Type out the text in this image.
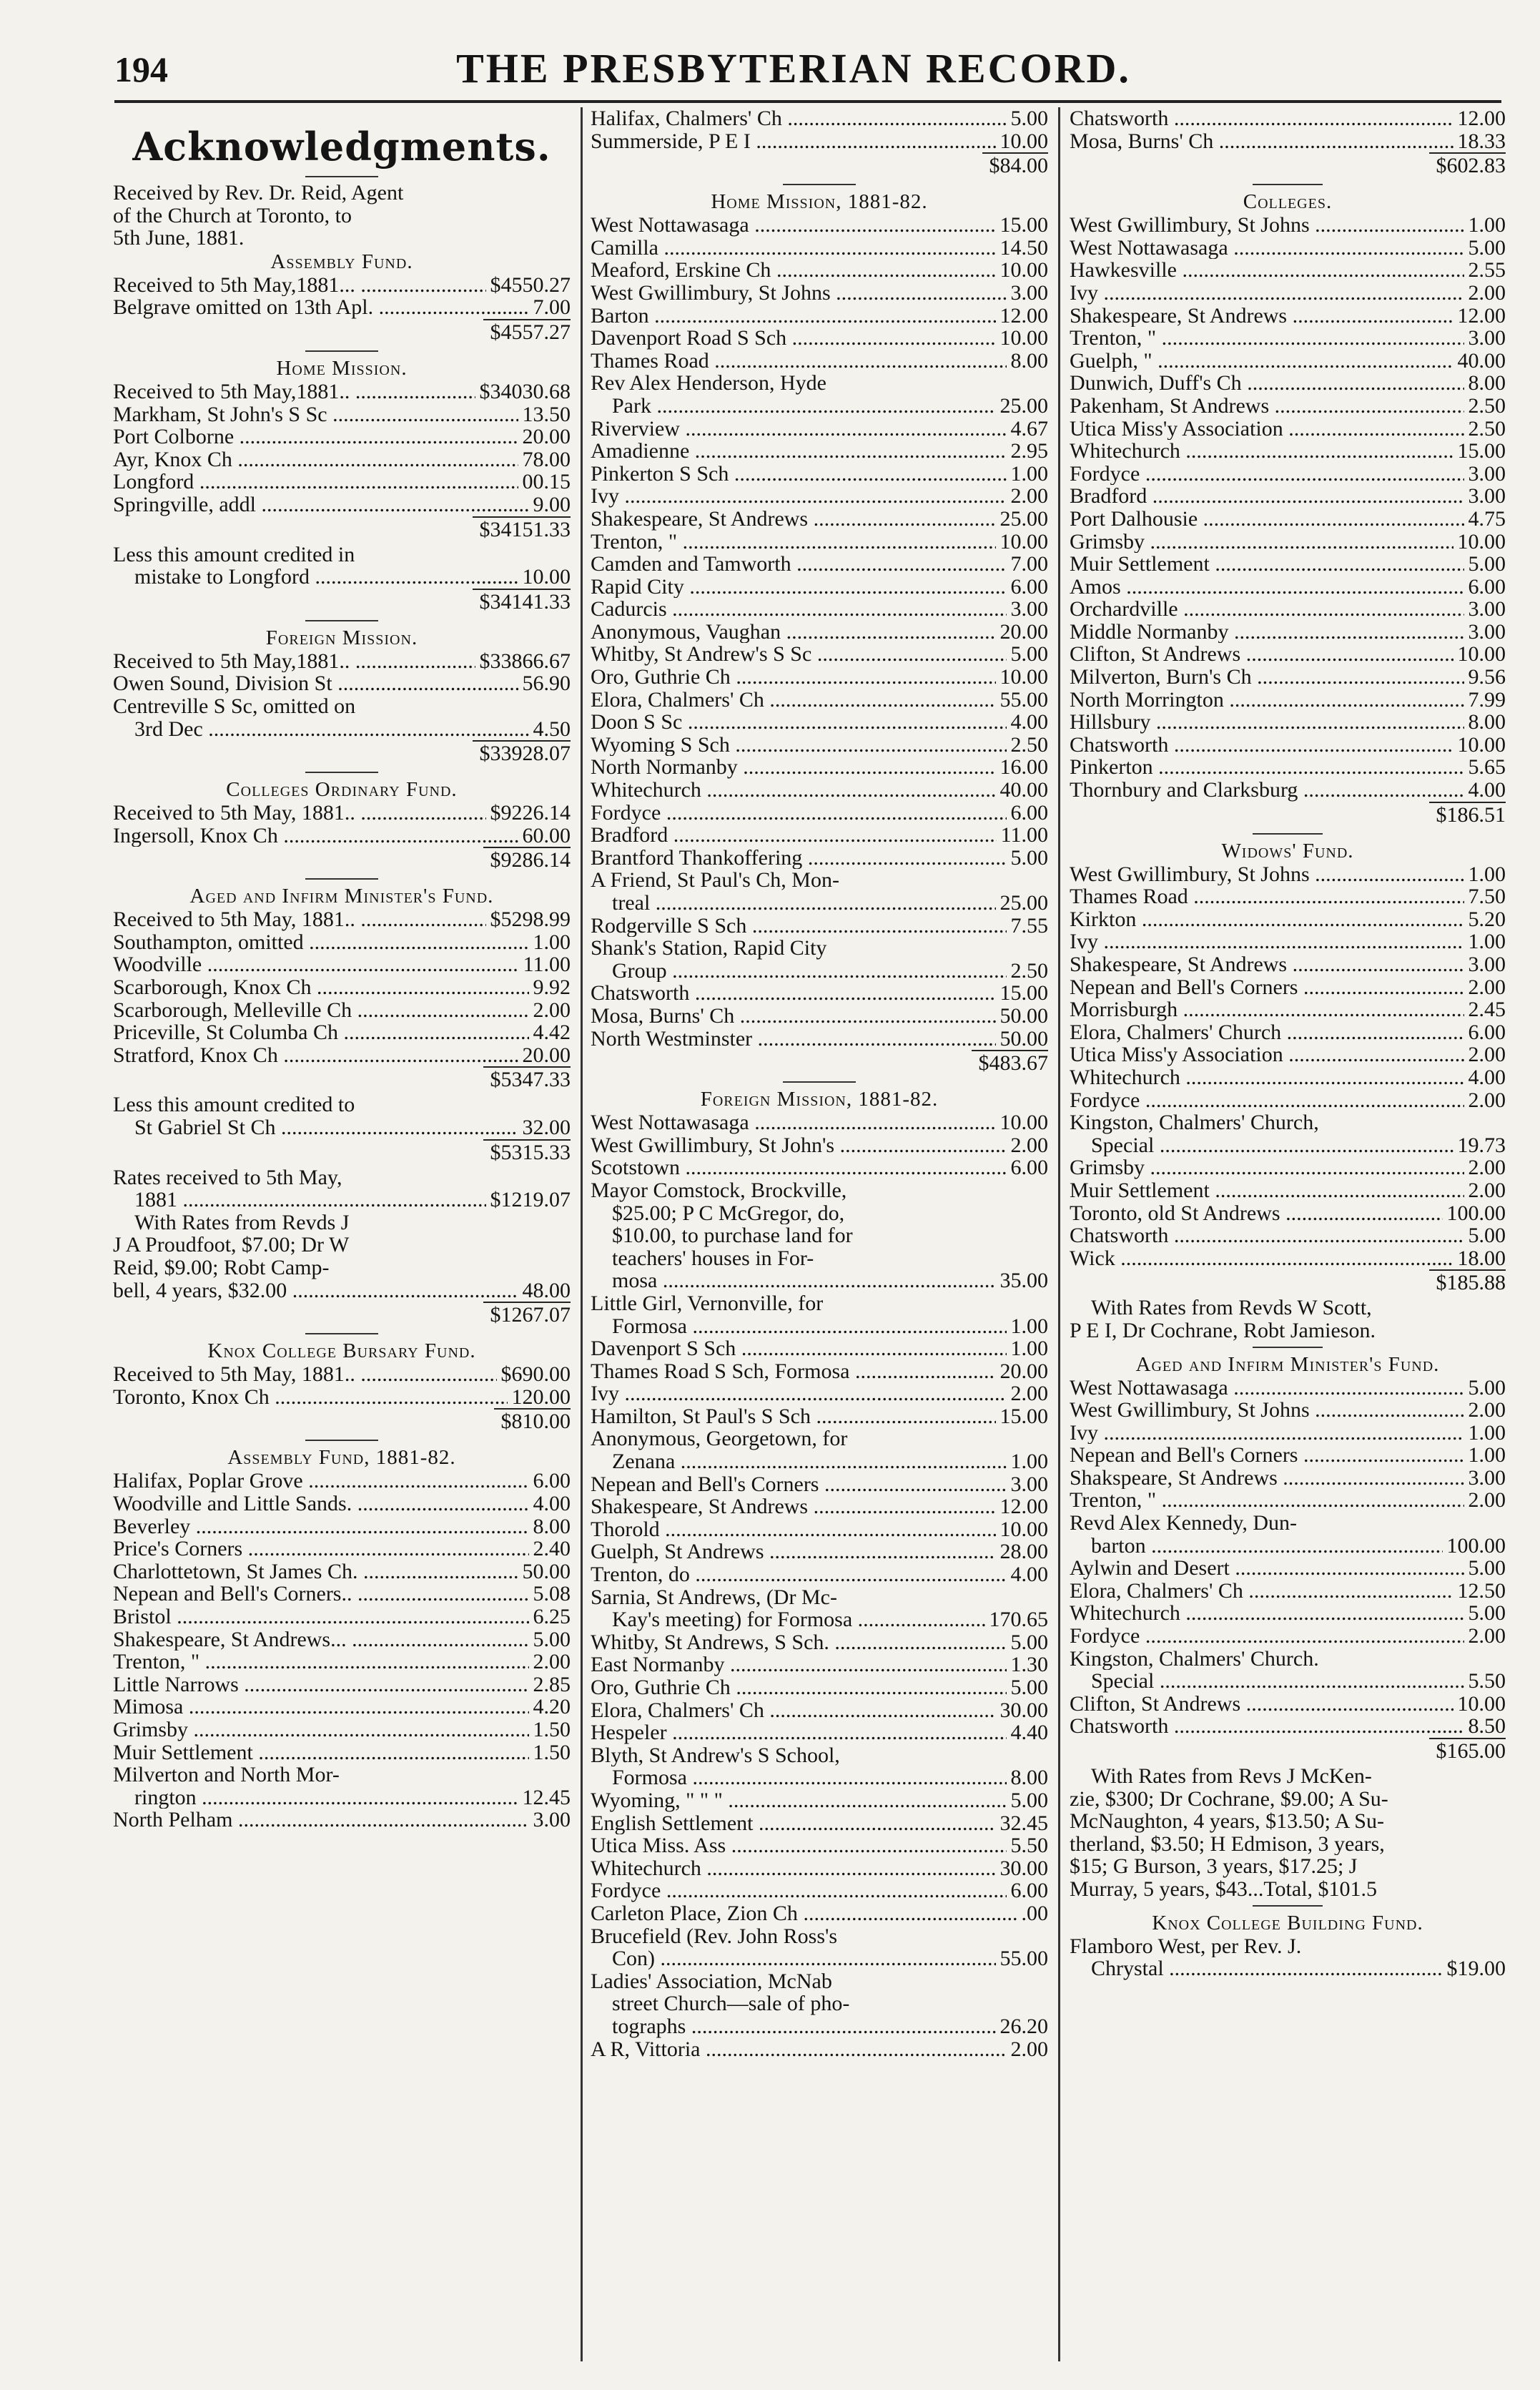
194	THE PRESBYTERIAN RECORD.
Acknowledgments.
Received by Rev. Dr. Reid, Agent
of the Church at Toronto, to
5th June, 1881.
Assembly Fund.
Received to 5th May,1881... .....	$4550.27
Belgrave omitted on 13th Apl. .....	7.00
$4557.27
Home Mission.
Received to 5th May,1881.. .....	$34030.68
Markham, St John's S Sc .....	13.50
Port Colborne .....	20.00
Ayr, Knox Ch .....	78.00
Longford .....	00.15
Springville, addl .....	9.00
$34151.33
Less this amount credited in
mistake to Longford .....	10.00
$34141.33
Foreign Mission.
Received to 5th May,1881.. .....	$33866.67
Owen Sound, Division St .....	56.90
Centreville S Sc, omitted on
3rd Dec .....	4.50
$33928.07
Colleges Ordinary Fund.
Received to 5th May, 1881.. .....	$9226.14
Ingersoll, Knox Ch .....	60.00
$9286.14
Aged and Infirm Minister's Fund.
Received to 5th May, 1881.. .....	$5298.99
Southampton, omitted .....	1.00
Woodville .....	11.00
Scarborough, Knox Ch .....	9.92
Scarborough, Melleville Ch .....	2.00
Priceville, St Columba Ch .....	4.42
Stratford, Knox Ch .....	20.00
$5347.33
Less this amount credited to
St Gabriel St Ch .....	32.00
$5315.33
Rates received to 5th May,
1881 .....	$1219.07
With Rates from Revds J
J A Proudfoot, $7.00; Dr W
Reid, $9.00; Robt Camp-
bell, 4 years, $32.00 .....	48.00
$1267.07
Knox College Bursary Fund.
Received to 5th May, 1881.. .....	$690.00
Toronto, Knox Ch .....	120.00
$810.00
Assembly Fund, 1881-82.
Halifax, Poplar Grove .....	6.00
Woodville and Little Sands. .....	4.00
Beverley .....	8.00
Price's Corners .....	2.40
Charlottetown, St James Ch. .....	50.00
Nepean and Bell's Corners.. .....	5.08
Bristol .....	6.25
Shakespeare, St Andrews... .....	5.00
Trenton, " .....	2.00
Little Narrows .....	2.85
Mimosa .....	4.20
Grimsby .....	1.50
Muir Settlement .....	1.50
Milverton and North Mor-
rington .....	12.45
North Pelham .....	3.00
Halifax, Chalmers' Ch .....	5.00
Summerside, P E I .....	10.00
$84.00
Home Mission, 1881-82.
West Nottawasaga .....	15.00
Camilla .....	14.50
Meaford, Erskine Ch .....	10.00
West Gwillimbury, St Johns .....	3.00
Barton .....	12.00
Davenport Road S Sch .....	10.00
Thames Road .....	8.00
Rev Alex Henderson, Hyde
Park .....	25.00
Riverview .....	4.67
Amadienne .....	2.95
Pinkerton S Sch .....	1.00
Ivy .....	2.00
Shakespeare, St Andrews .....	25.00
Trenton, " .....	10.00
Camden and Tamworth .....	7.00
Rapid City .....	6.00
Cadurcis .....	3.00
Anonymous, Vaughan .....	20.00
Whitby, St Andrew's S Sc .....	5.00
Oro, Guthrie Ch .....	10.00
Elora, Chalmers' Ch .....	55.00
Doon S Sc .....	4.00
Wyoming S Sch .....	2.50
North Normanby .....	16.00
Whitechurch .....	40.00
Fordyce .....	6.00
Bradford .....	11.00
Brantford Thankoffering .....	5.00
A Friend, St Paul's Ch, Mon-
treal .....	25.00
Rodgerville S Sch .....	7.55
Shank's Station, Rapid City
Group .....	2.50
Chatsworth .....	15.00
Mosa, Burns' Ch .....	50.00
North Westminster .....	50.00
$483.67
Foreign Mission, 1881-82.
West Nottawasaga .....	10.00
West Gwillimbury, St John's .....	2.00
Scotstown .....	6.00
Mayor Comstock, Brockville,
$25.00; P C McGregor, do,
$10.00, to purchase land for
teachers' houses in For-
mosa .....	35.00
Little Girl, Vernonville, for
Formosa .....	1.00
Davenport S Sch .....	1.00
Thames Road S Sch, Formosa .....	20.00
Ivy .....	2.00
Hamilton, St Paul's S Sch .....	15.00
Anonymous, Georgetown, for
Zenana .....	1.00
Nepean and Bell's Corners .....	3.00
Shakespeare, St Andrews .....	12.00
Thorold .....	10.00
Guelph, St Andrews .....	28.00
Trenton, do .....	4.00
Sarnia, St Andrews, (Dr Mc-
Kay's meeting) for Formosa .....	170.65
Whitby, St Andrews, S Sch. .....	5.00
East Normanby .....	1.30
Oro, Guthrie Ch .....	5.00
Elora, Chalmers' Ch .....	30.00
Hespeler .....	4.40
Blyth, St Andrew's S School,
Formosa .....	8.00
Wyoming, " " " .....	5.00
English Settlement .....	32.45
Utica Miss. Ass .....	5.50
Whitechurch .....	30.00
Fordyce .....	6.00
Carleton Place, Zion Ch .....	.00
Brucefield (Rev. John Ross's
Con) .....	55.00
Ladies' Association, McNab
street Church—sale of pho-
tographs .....	26.20
A R, Vittoria .....	2.00
Chatsworth .....	12.00
Mosa, Burns' Ch .....	18.33
$602.83
Colleges.
West Gwillimbury, St Johns .....	1.00
West Nottawasaga .....	5.00
Hawkesville .....	2.55
Ivy .....	2.00
Shakespeare, St Andrews .....	12.00
Trenton, " .....	3.00
Guelph, " .....	40.00
Dunwich, Duff's Ch .....	8.00
Pakenham, St Andrews .....	2.50
Utica Miss'y Association .....	2.50
Whitechurch .....	15.00
Fordyce .....	3.00
Bradford .....	3.00
Port Dalhousie .....	4.75
Grimsby .....	10.00
Muir Settlement .....	5.00
Amos .....	6.00
Orchardville .....	3.00
Middle Normanby .....	3.00
Clifton, St Andrews .....	10.00
Milverton, Burn's Ch .....	9.56
North Morrington .....	7.99
Hillsbury .....	8.00
Chatsworth .....	10.00
Pinkerton .....	5.65
Thornbury and Clarksburg .....	4.00
$186.51
Widows' Fund.
West Gwillimbury, St Johns .....	1.00
Thames Road .....	7.50
Kirkton .....	5.20
Ivy .....	1.00
Shakespeare, St Andrews .....	3.00
Nepean and Bell's Corners .....	2.00
Morrisburgh .....	2.45
Elora, Chalmers' Church .....	6.00
Utica Miss'y Association .....	2.00
Whitechurch .....	4.00
Fordyce .....	2.00
Kingston, Chalmers' Church,
Special .....	19.73
Grimsby .....	2.00
Muir Settlement .....	2.00
Toronto, old St Andrews .....	100.00
Chatsworth .....	5.00
Wick .....	18.00
$185.88
With Rates from Revds W Scott,
P E I, Dr Cochrane, Robt Jamieson.
Aged and Infirm Minister's Fund.
West Nottawasaga .....	5.00
West Gwillimbury, St Johns .....	2.00
Ivy .....	1.00
Nepean and Bell's Corners .....	1.00
Shakspeare, St Andrews .....	3.00
Trenton, " .....	2.00
Revd Alex Kennedy, Dun-
barton .....	100.00
Aylwin and Desert .....	5.00
Elora, Chalmers' Ch .....	12.50
Whitechurch .....	5.00
Fordyce .....	2.00
Kingston, Chalmers' Church.
Special .....	5.50
Clifton, St Andrews .....	10.00
Chatsworth .....	8.50
$165.00
With Rates from Revs J McKen-
zie, $300; Dr Cochrane, $9.00; A Su-
McNaughton, 4 years, $13.50; A Su-
therland, $3.50; H Edmison, 3 years,
$15; G Burson, 3 years, $17.25; J
Murray, 5 years, $43...Total, $101.5
Knox College Building Fund.
Flamboro West, per Rev. J.
Chrystal .....	$19.00
